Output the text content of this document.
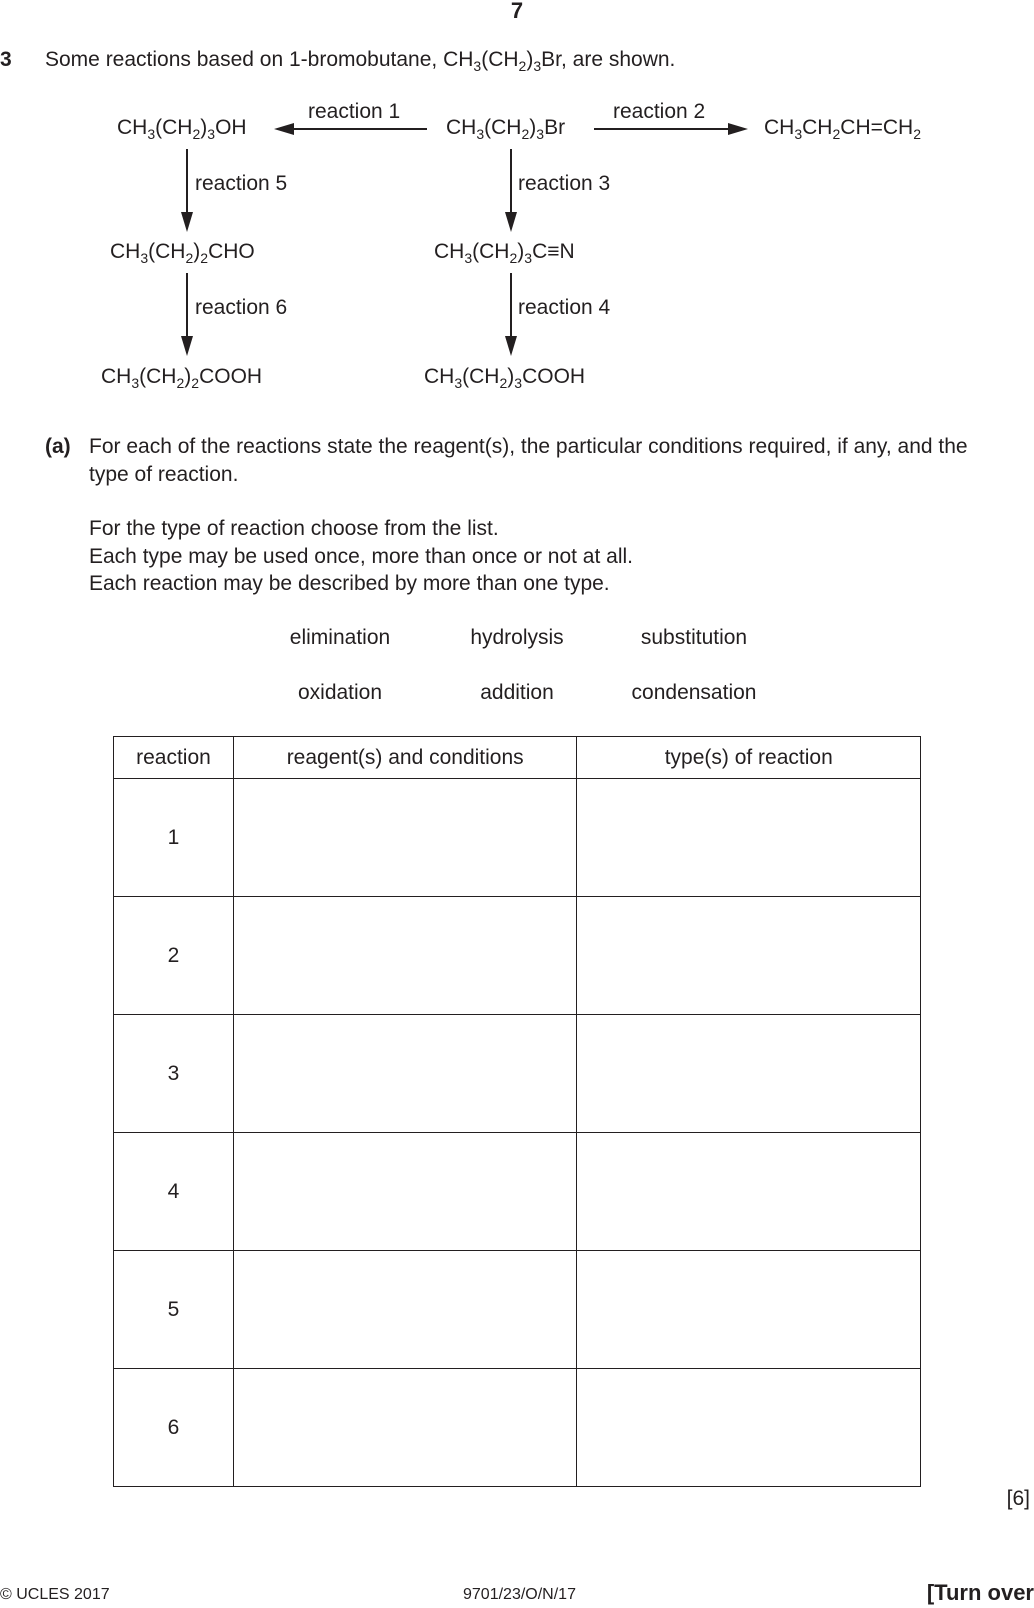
7
3 Some reactions based on 1-bromobutane, $CH_3(CH_2)_3Br$, are shown.
$CH_3(CH_2)_3Br$
$CH_3(CH_2)_3OH$	$CH_3CH_2CH=CH_2$
$CH_3(CH_2)_3C\equiv N$
$CH_3(CH_2)_2CHO$
$CH_3(CH_2)_2COOH$	$CH_3(CH_2)_3COOH$
reaction 1	reaction 2
reaction 5	reaction 3
reaction 6	reaction 4
(a) For each of the reactions state the reagent(s), the particular conditions required, if any, and the
type of reaction.
For the type of reaction choose from the list.
Each type may be used once, more than once or not at all.
Each reaction may be described by more than one type.
elimination	hydrolysis	substitution
oxidation	addition	condensation
reaction	reagent(s) and conditions	type(s) of reaction
1		
2		
3		
4		
5		
6		
[6]
© UCLES 2017	9701/23/O/N/17	[Turn over
